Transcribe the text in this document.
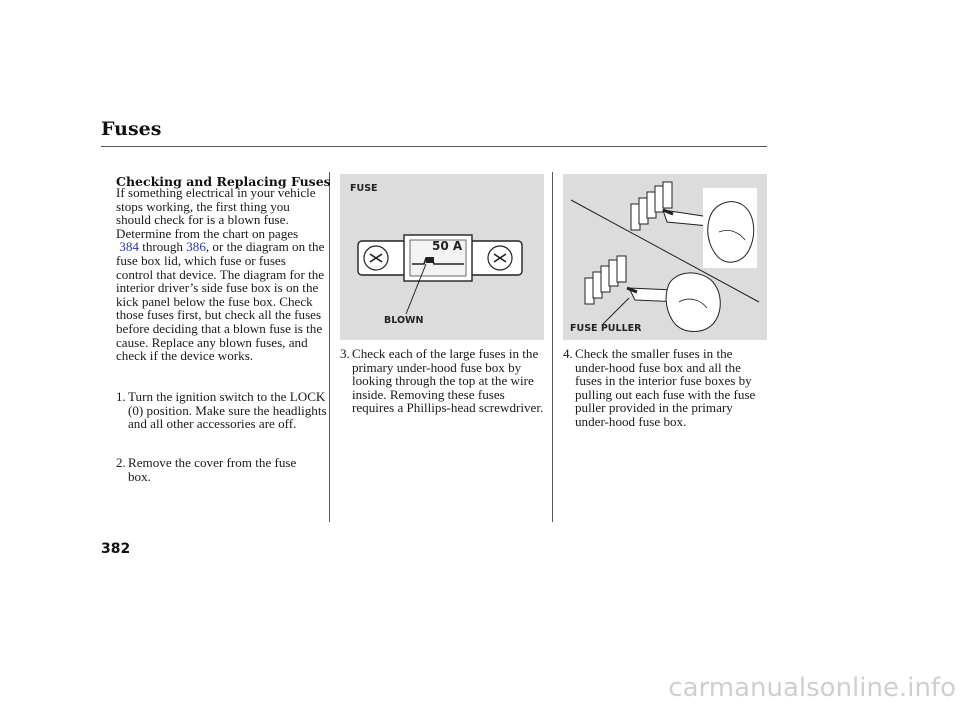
Fuses
Checking and Replacing Fuses
If something electrical in your vehicle stops working, the first thing you should check for is a blown fuse. Determine from the chart on pages
384 through 386, or the diagram on the fuse box lid, which fuse or fuses control that device. The diagram for the interior driver’s side fuse box is on the kick panel below the fuse box. Check those fuses first, but check all the fuses before deciding that a blown fuse is the cause. Replace any blown fuses, and check if the device works.
1. Turn the ignition switch to the LOCK (0) position. Make sure the headlights and all other accessories are off.
2. Remove the cover from the fuse box.
FUSE
50 A
BLOWN
3. Check each of the large fuses in the primary under-hood fuse box by looking through the top at the wire inside. Removing these fuses requires a Phillips-head screwdriver.
FUSE PULLER
4. Check the smaller fuses in the under-hood fuse box and all the fuses in the interior fuse boxes by pulling out each fuse with the fuse puller provided in the primary under-hood fuse box.
382
carmanualsonline.info
